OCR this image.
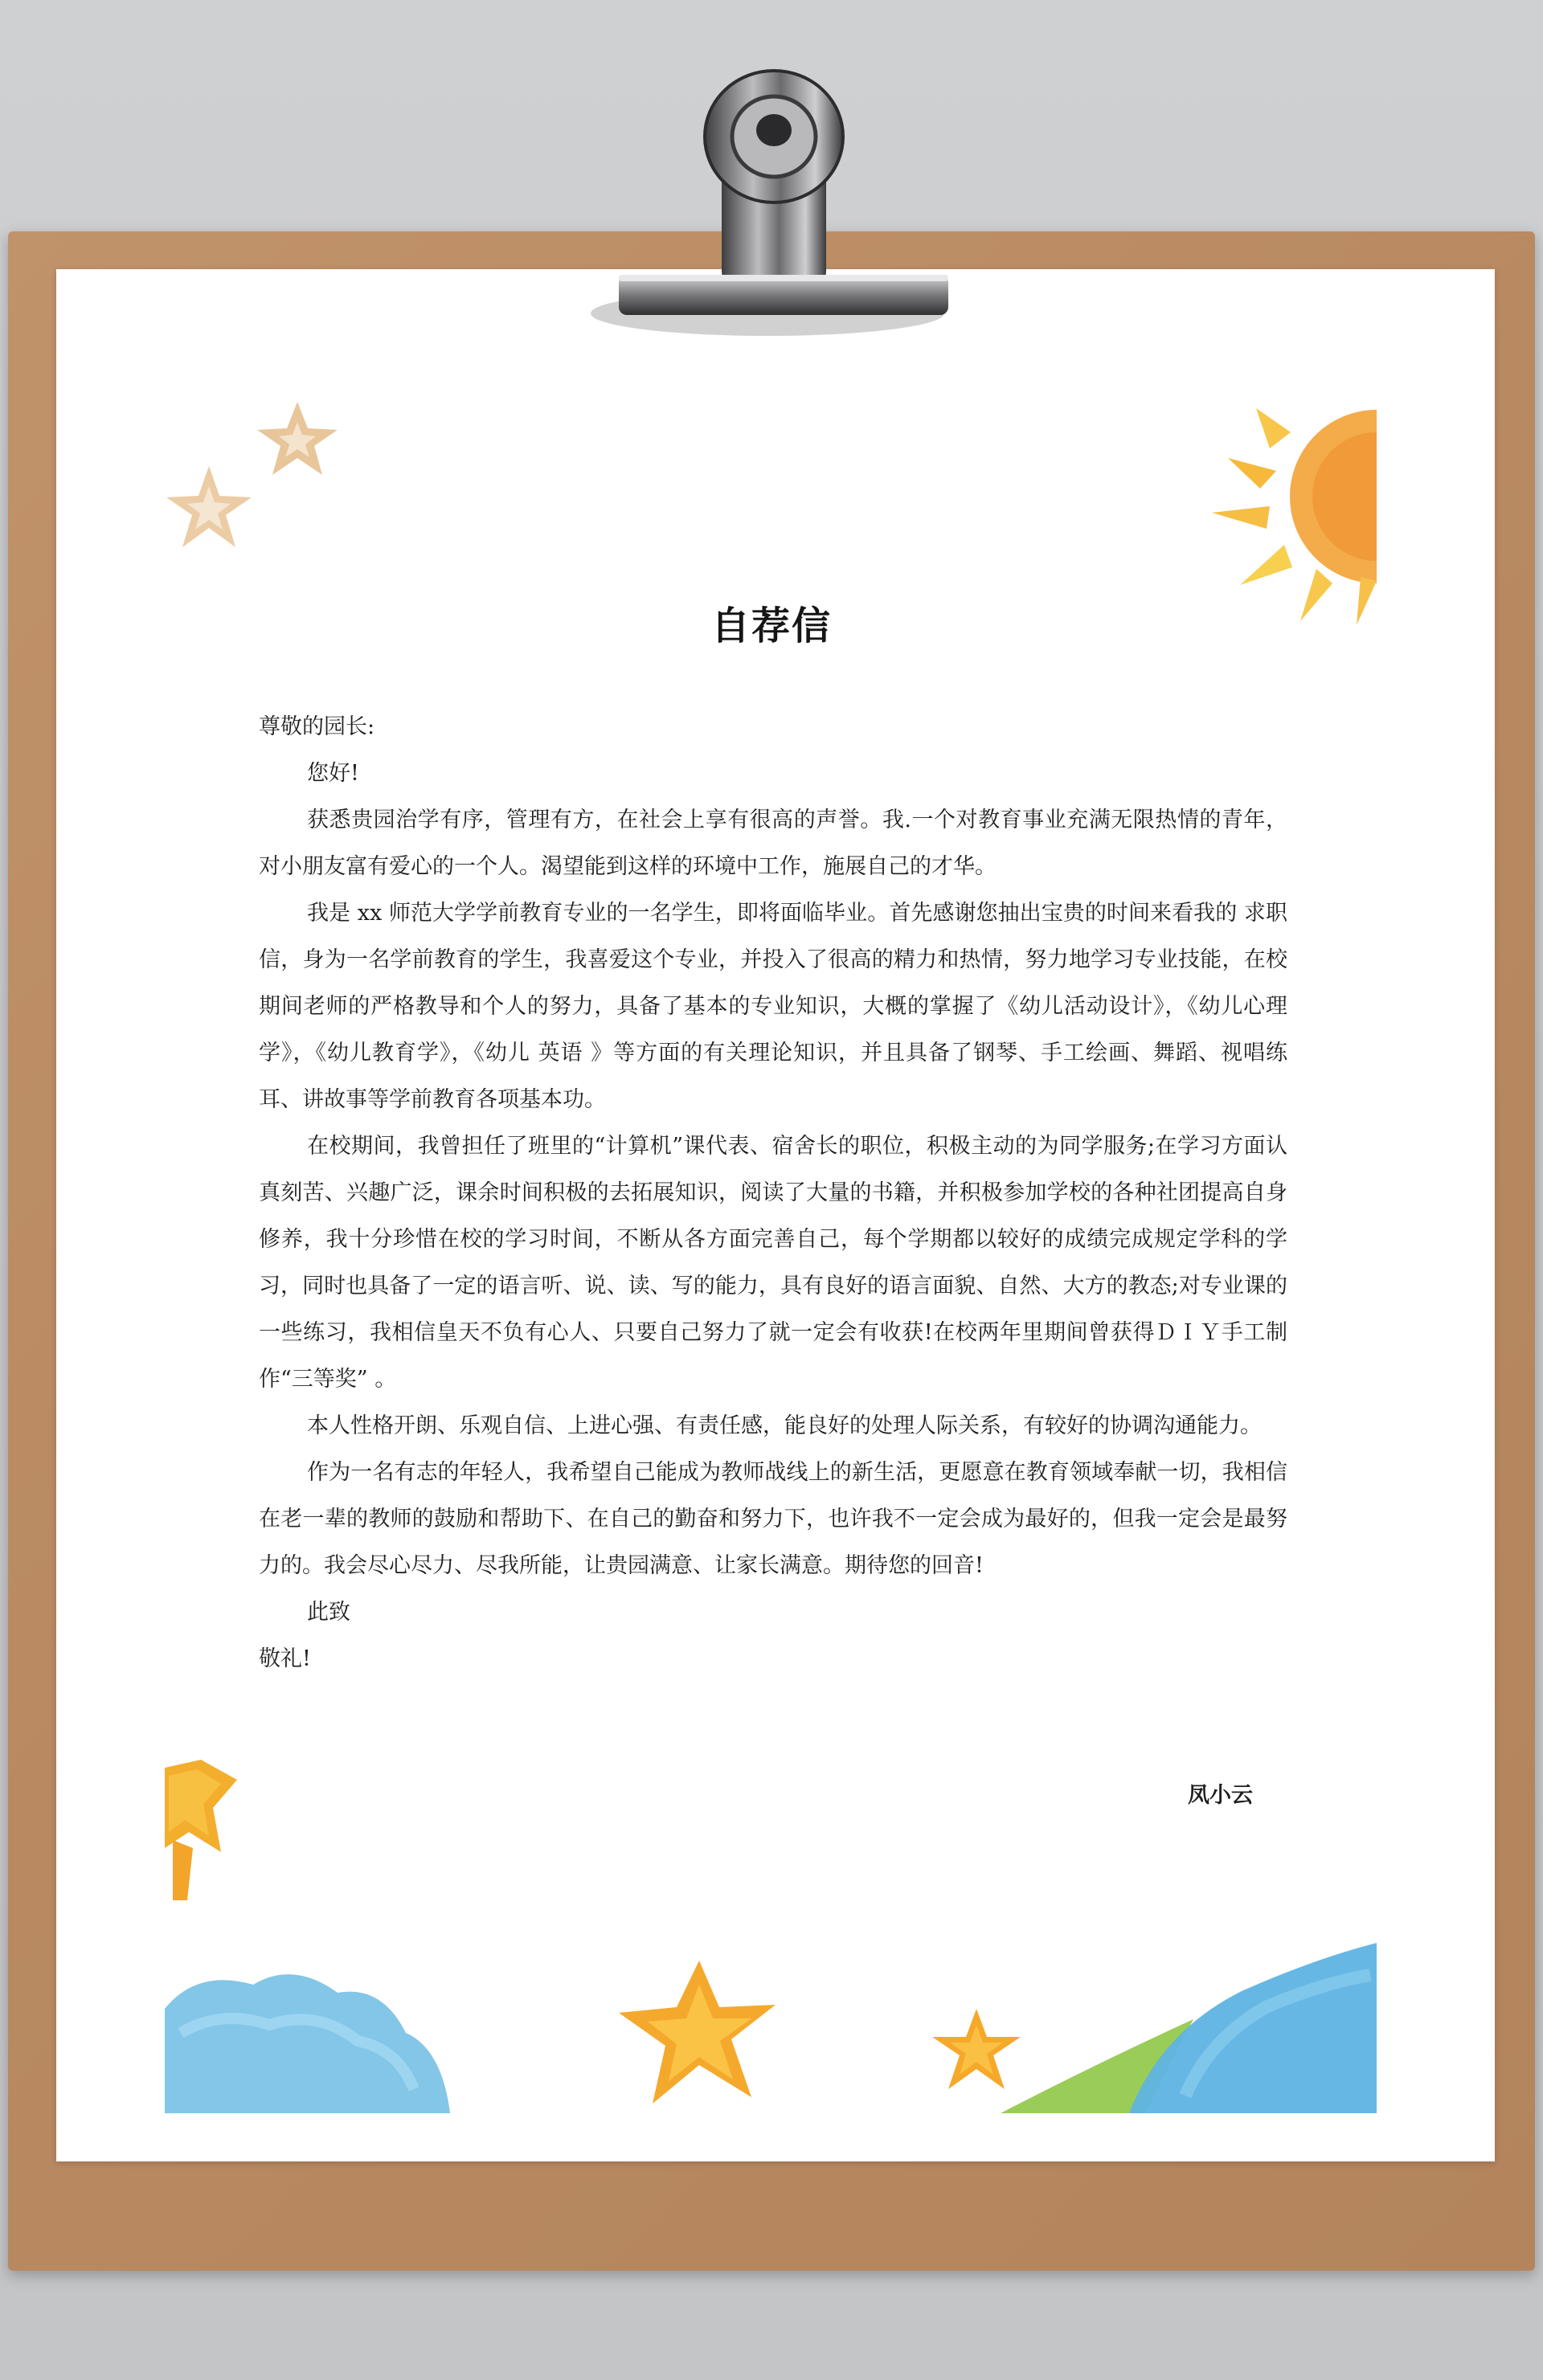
自荐信

尊敬的园长:

您好!

获悉贵园治学有序，管理有方，在社会上享有很高的声誉。我.一个对教育事业充满无限热情的青年，对小朋友富有爱心的一个人。渴望能到这样的环境中工作，施展自己的才华。

我是 xx 师范大学学前教育专业的一名学生，即将面临毕业。首先感谢您抽出宝贵的时间来看我的 求职 信，身为一名学前教育的学生，我喜爱这个专业，并投入了很高的精力和热情，努力地学习专业技能，在校期间老师的严格教导和个人的努力，具备了基本的专业知识，大概的掌握了《幼儿活动设计》，《幼儿心理学》，《幼儿教育学》，《幼儿 英语 》等方面的有关理论知识，并且具备了钢琴、手工绘画、舞蹈、视唱练耳、讲故事等学前教育各项基本功。

在校期间，我曾担任了班里的“计算机”课代表、宿舍长的职位，积极主动的为同学服务;在学习方面认真刻苦、兴趣广泛，课余时间积极的去拓展知识，阅读了大量的书籍，并积极参加学校的各种社团提高自身修养，我十分珍惜在校的学习时间，不断从各方面完善自己，每个学期都以较好的成绩完成规定学科的学习，同时也具备了一定的语言听、说、读、写的能力，具有良好的语言面貌、自然、大方的教态;对专业课的一些练习，我相信皇天不负有心人、只要自己努力了就一定会有收获!在校两年里期间曾获得ＤＩＹ手工制作“三等奖” 。

本人性格开朗、乐观自信、上进心强、有责任感，能良好的处理人际关系，有较好的协调沟通能力。

作为一名有志的年轻人，我希望自己能成为教师战线上的新生活，更愿意在教育领域奉献一切，我相信在老一辈的教师的鼓励和帮助下、在自己的勤奋和努力下，也许我不一定会成为最好的，但我一定会是最努力的。我会尽心尽力、尽我所能，让贵园满意、让家长满意。期待您的回音!

此致

敬礼!

凤小云
